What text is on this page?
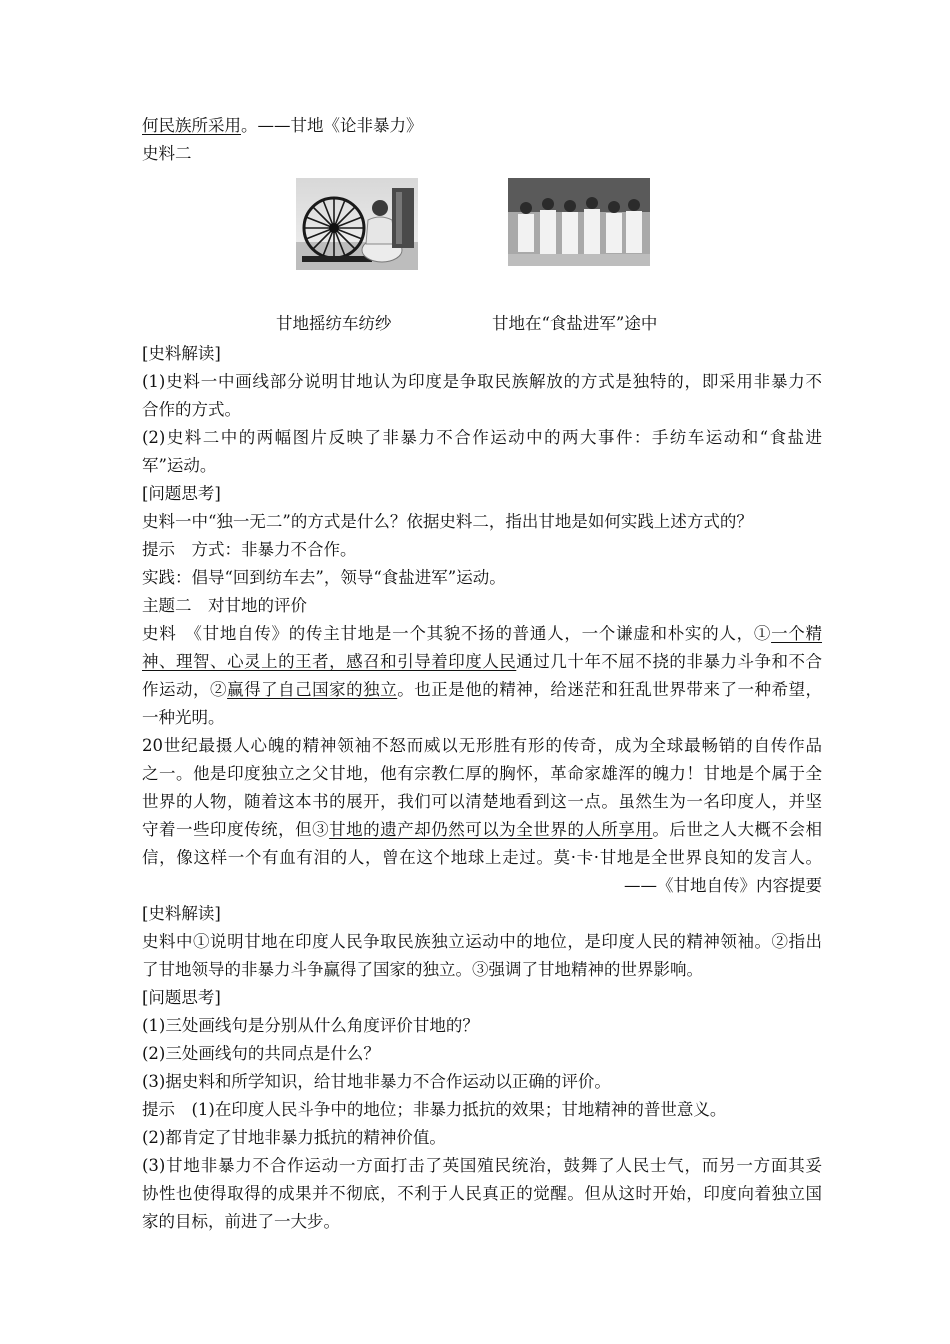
何民族所采用。——甘地《论非暴力》

史料二

甘地摇纺车纺纱	甘地在“食盐进军”途中

[史料解读]

(1)史料一中画线部分说明甘地认为印度是争取民族解放的方式是独特的，即采用非暴力不

合作的方式。

(2)史料二中的两幅图片反映了非暴力不合作运动中的两大事件：手纺车运动和“食盐进

军”运动。

[问题思考]

史料一中“独一无二”的方式是什么？依据史料二，指出甘地是如何实践上述方式的？

提示　方式：非暴力不合作。

实践：倡导“回到纺车去”，领导“食盐进军”运动。

主题二　对甘地的评价

史料　《甘地自传》的传主甘地是一个其貌不扬的普通人，一个谦虚和朴实的人，①一个精

神、理智、心灵上的王者，感召和引导着印度人民通过几十年不屈不挠的非暴力斗争和不合

作运动，②赢得了自己国家的独立。也正是他的精神，给迷茫和狂乱世界带来了一种希望，

一种光明。

20世纪最摄人心魄的精神领袖不怒而威以无形胜有形的传奇，成为全球最畅销的自传作品

之一。他是印度独立之父甘地，他有宗教仁厚的胸怀，革命家雄浑的魄力！甘地是个属于全

世界的人物，随着这本书的展开，我们可以清楚地看到这一点。虽然生为一名印度人，并坚

守着一些印度传统，但③甘地的遗产却仍然可以为全世界的人所享用。后世之人大概不会相

信，像这样一个有血有泪的人，曾在这个地球上走过。莫·卡·甘地是全世界良知的发言人。

——《甘地自传》内容提要

[史料解读]

史料中①说明甘地在印度人民争取民族独立运动中的地位，是印度人民的精神领袖。②指出

了甘地领导的非暴力斗争赢得了国家的独立。③强调了甘地精神的世界影响。

[问题思考]

(1)三处画线句是分别从什么角度评价甘地的？

(2)三处画线句的共同点是什么？

(3)据史料和所学知识，给甘地非暴力不合作运动以正确的评价。

提示　(1)在印度人民斗争中的地位；非暴力抵抗的效果；甘地精神的普世意义。

(2)都肯定了甘地非暴力抵抗的精神价值。

(3)甘地非暴力不合作运动一方面打击了英国殖民统治，鼓舞了人民士气，而另一方面其妥

协性也使得取得的成果并不彻底，不利于人民真正的觉醒。但从这时开始，印度向着独立国

家的目标，前进了一大步。
